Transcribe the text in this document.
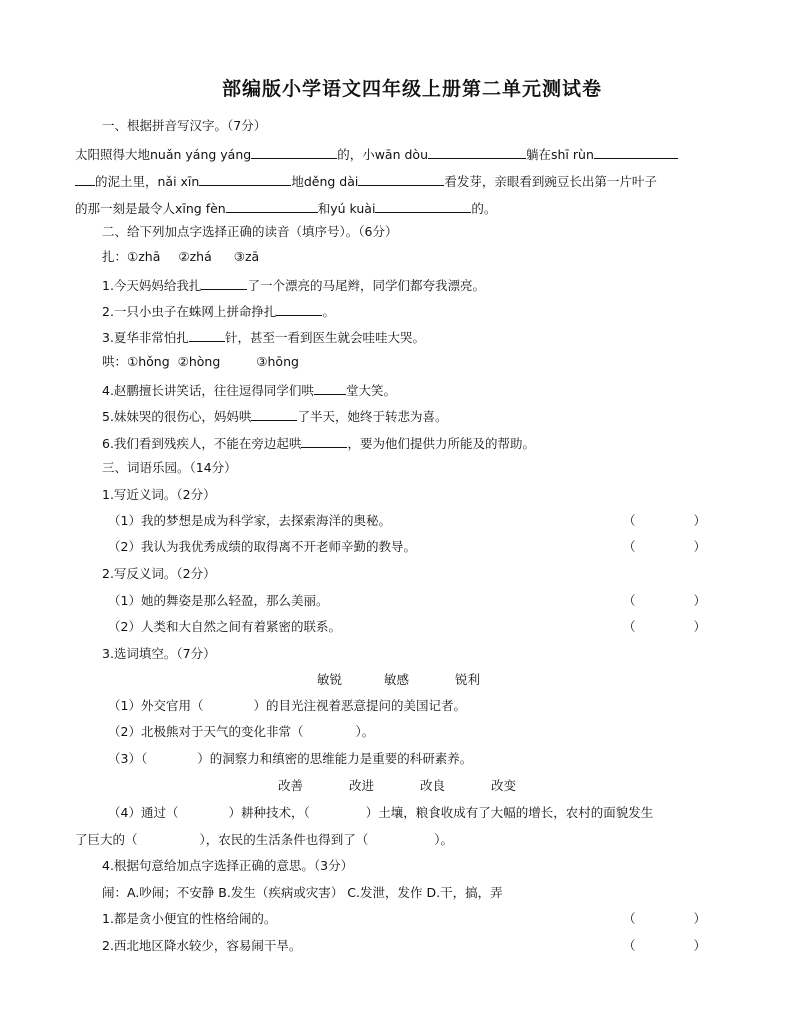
部编版小学语文四年级上册第二单元测试卷
一、根据拼音写汉字。（7分）
太阳照得大地nuǎn yáng yáng	的，小wān dòu	躺在shī rùn
的泥土里，nǎi xīn	地děng dài	看发芽，亲眼看到豌豆长出第一片叶子
的那一刻是最令人xīng fèn	和yú kuài	的。
二、给下列加点字选择正确的读音（填序号）。（6分）
扎：①zhā ②zhá ③zā
1.今天妈妈给我扎	了一个漂亮的马尾辫，同学们都夸我漂亮。
2.一只小虫子在蛛网上拼命挣扎	。
3.夏华非常怕扎	针，甚至一看到医生就会哇哇大哭。
哄：①hǒng ②hòng	③hōng
4.赵鹏擅长讲笑话，往往逗得同学们哄	堂大笑。
5.妹妹哭的很伤心，妈妈哄	了半天，她终于转悲为喜。
6.我们看到残疾人，不能在旁边起哄	，要为他们提供力所能及的帮助。
三、词语乐园。（14分）
1.写近义词。（2分）
（1）我的梦想是成为科学家，去探索海洋的奥秘。	（	）
（2）我认为我优秀成绩的取得离不开老师辛勤的教导。	（	）
2.写反义词。（2分）
（1）她的舞姿是那么轻盈，那么美丽。	（	）
（2）人类和大自然之间有着紧密的联系。	（	）
3.选词填空。（7分）
敏锐	敏感	锐利
（1）外交官用（	）的目光注视着恶意提问的美国记者。
（2）北极熊对于天气的变化非常（	）。
（3）（	）的洞察力和缜密的思维能力是重要的科研素养。
改善	改进	改良	改变
（4）通过（	）耕种技术，（	）土壤，粮食收成有了大幅的增长，农村的面貌发生
了巨大的（	），农民的生活条件也得到了（	）。
4.根据句意给加点字选择正确的意思。（3分）
闹：A.吵闹；不安静 B.发生（疾病或灾害） C.发泄，发作 D.干，搞，弄
1.都是贪小便宜的性格给闹的。	（	）
2.西北地区降水较少，容易闹干旱。	（	）
